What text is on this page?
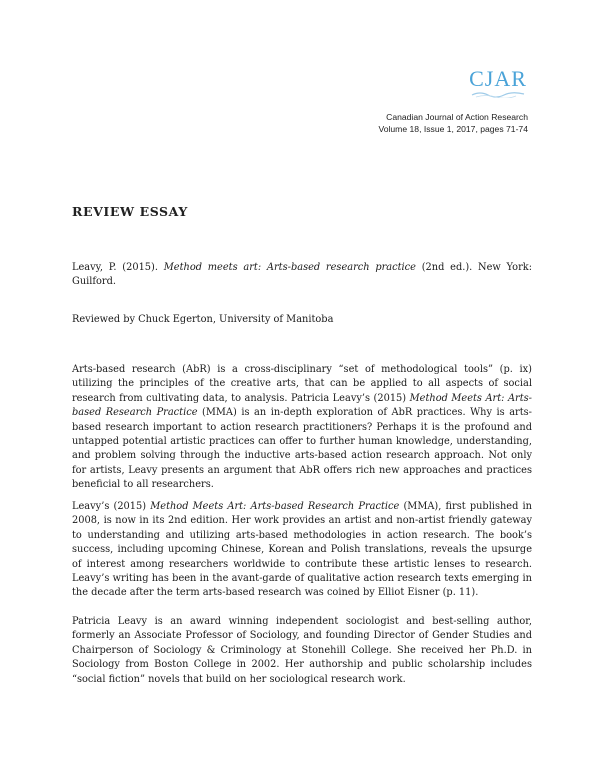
CJAR
Canadian Journal of Action Research
Volume 18, Issue 1, 2017, pages 71-74
REVIEW ESSAY

Leavy, P. (2015). Method meets art: Arts-based research practice (2nd ed.). New York: Guilford.

Reviewed by Chuck Egerton, University of Manitoba

Arts-based research (AbR) is a cross-disciplinary “set of methodological tools” (p. ix) utilizing the principles of the creative arts, that can be applied to all aspects of social research from cultivating data, to analysis. Patricia Leavy’s (2015) Method Meets Art: Arts-based Research Practice (MMA) is an in-depth exploration of AbR practices. Why is arts-based research important to action research practitioners? Perhaps it is the profound and untapped potential artistic practices can offer to further human knowledge, understanding, and problem solving through the inductive arts-based action research approach. Not only for artists, Leavy presents an argument that AbR offers rich new approaches and practices beneficial to all researchers.

Leavy’s (2015) Method Meets Art: Arts-based Research Practice (MMA), first published in 2008, is now in its 2nd edition. Her work provides an artist and non-artist friendly gateway to understanding and utilizing arts-based methodologies in action research. The book’s success, including upcoming Chinese, Korean and Polish translations, reveals the upsurge of interest among researchers worldwide to contribute these artistic lenses to research. Leavy’s writing has been in the avant-garde of qualitative action research texts emerging in the decade after the term arts-based research was coined by Elliot Eisner (p. 11).

Patricia Leavy is an award winning independent sociologist and best-selling author, formerly an Associate Professor of Sociology, and founding Director of Gender Studies and Chairperson of Sociology & Criminology at Stonehill College. She received her Ph.D. in Sociology from Boston College in 2002. Her authorship and public scholarship includes “social fiction” novels that build on her sociological research work.
